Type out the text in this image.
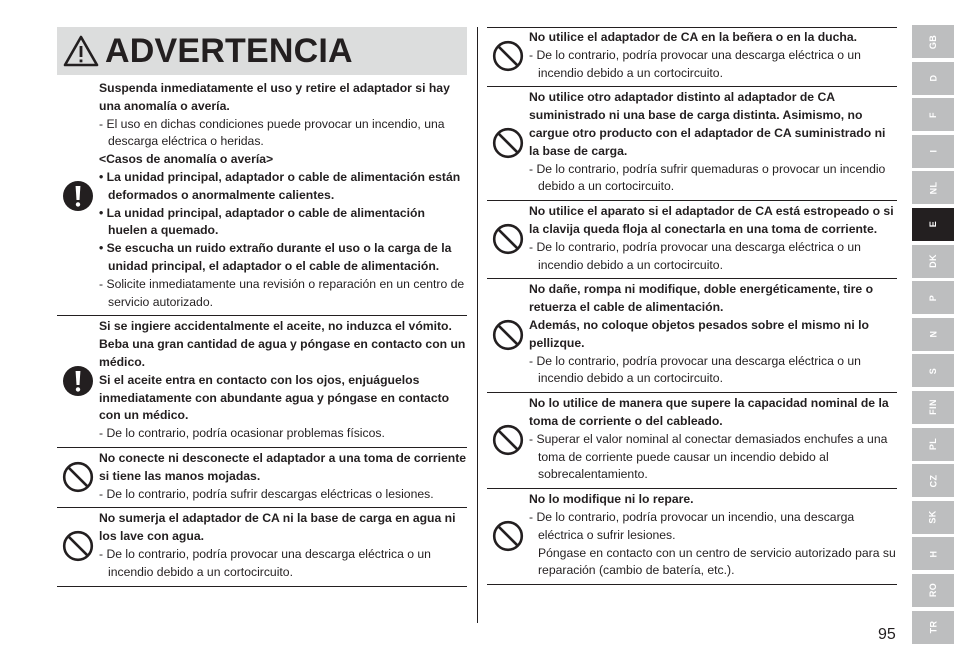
ADVERTENCIA
Suspenda inmediatamente el uso y retire el adaptador si hay una anomalía o avería.
- El uso en dichas condiciones puede provocar un incendio, una descarga eléctrica o heridas.
<Casos de anomalía o avería>
• La unidad principal, adaptador o cable de alimentación están deformados o anormalmente calientes.
• La unidad principal, adaptador o cable de alimentación huelen a quemado.
• Se escucha un ruido extraño durante el uso o la carga de la unidad principal, el adaptador o el cable de alimentación.
- Solicite inmediatamente una revisión o reparación en un centro de servicio autorizado.
Si se ingiere accidentalmente el aceite, no induzca el vómito. Beba una gran cantidad de agua y póngase en contacto con un médico.
Si el aceite entra en contacto con los ojos, enjuáguelos inmediatamente con abundante agua y póngase en contacto con un médico.
- De lo contrario, podría ocasionar problemas físicos.
No conecte ni desconecte el adaptador a una toma de corriente si tiene las manos mojadas.
- De lo contrario, podría sufrir descargas eléctricas o lesiones.
No sumerja el adaptador de CA ni la base de carga en agua ni los lave con agua.
- De lo contrario, podría provocar una descarga eléctrica o un incendio debido a un cortocircuito.
No utilice el adaptador de CA en la beñera o en la ducha.
- De lo contrario, podría provocar una descarga eléctrica o un incendio debido a un cortocircuito.
No utilice otro adaptador distinto al adaptador de CA suministrado ni una base de carga distinta. Asimismo, no cargue otro producto con el adaptador de CA suministrado ni la base de carga.
- De lo contrario, podría sufrir quemaduras o provocar un incendio debido a un cortocircuito.
No utilice el aparato si el adaptador de CA está estropeado o si la clavija queda floja al conectarla en una toma de corriente.
- De lo contrario, podría provocar una descarga eléctrica o un incendio debido a un cortocircuito.
No dañe, rompa ni modifique, doble energéticamente, tire o retuerza el cable de alimentación.
Además, no coloque objetos pesados sobre el mismo ni lo pellizque.
- De lo contrario, podría provocar una descarga eléctrica o un incendio debido a un cortocircuito.
No lo utilice de manera que supere la capacidad nominal de la toma de corriente o del cableado.
- Superar el valor nominal al conectar demasiados enchufes a una toma de corriente puede causar un incendio debido al sobrecalentamiento.
No lo modifique ni lo repare.
- De lo contrario, podría provocar un incendio, una descarga eléctrica o sufrir lesiones.
Póngase en contacto con un centro de servicio autorizado para su reparación (cambio de batería, etc.).
GB
D
F
I
NL
E
DK
P
N
S
FIN
PL
CZ
SK
H
RO
TR
95
